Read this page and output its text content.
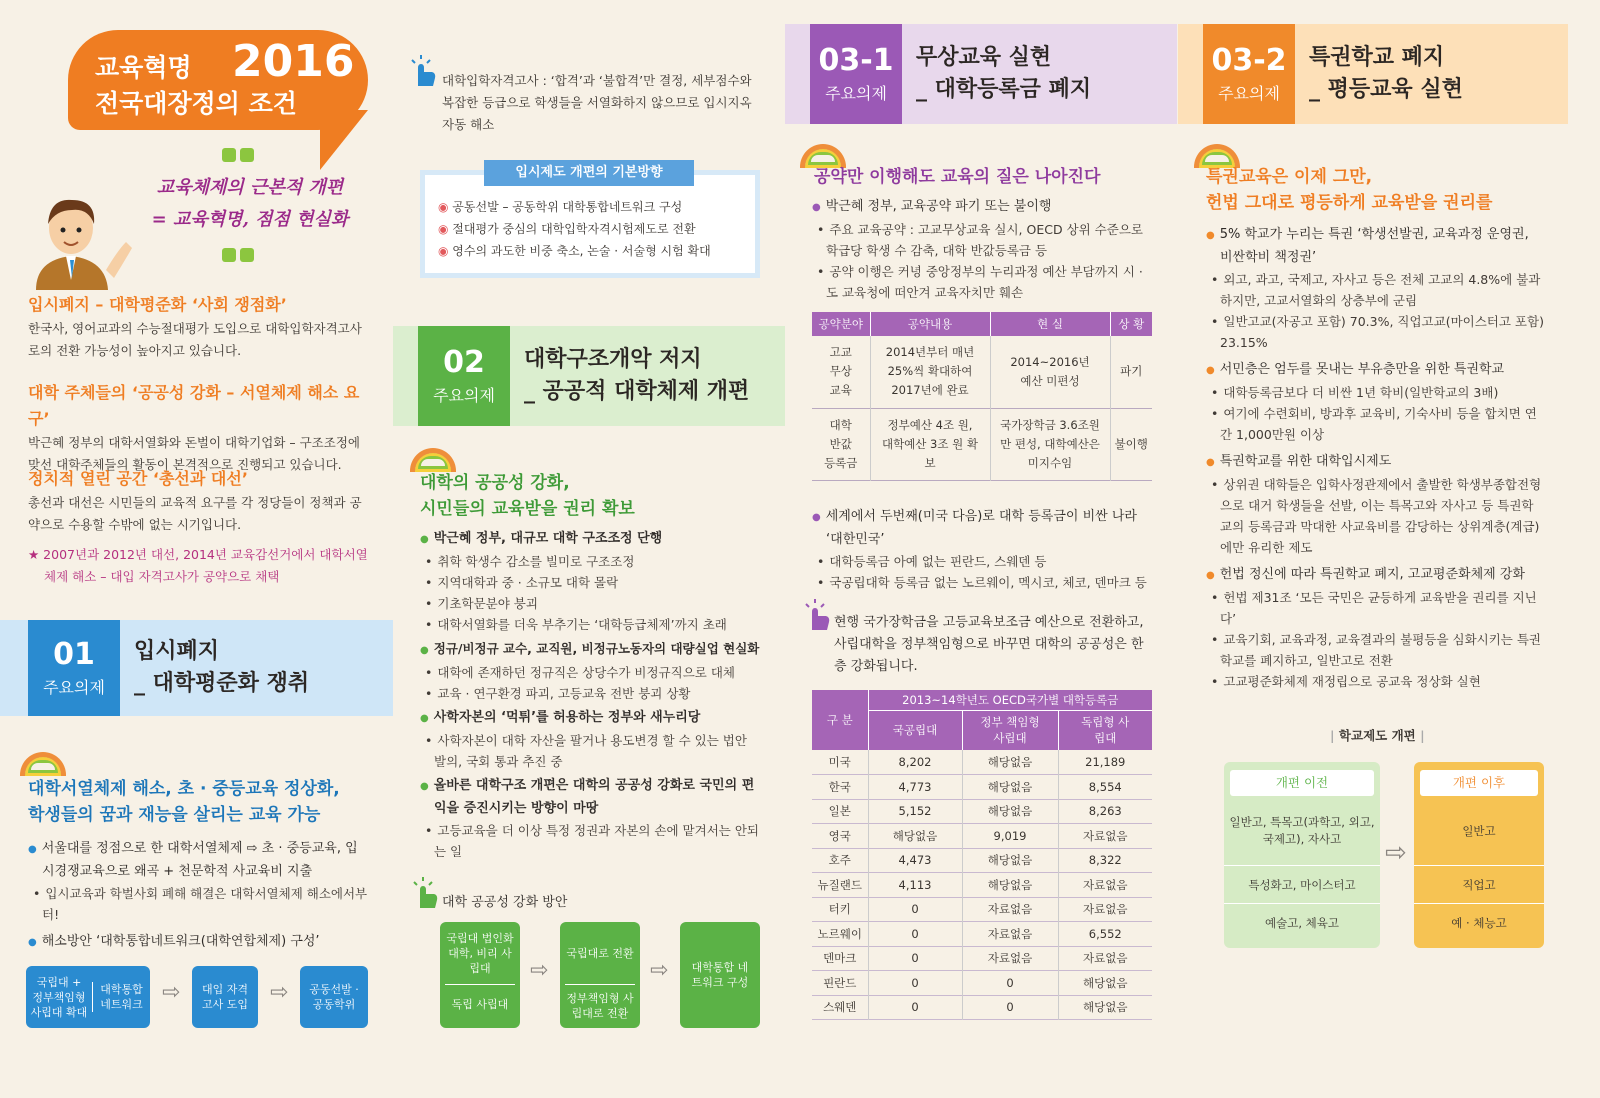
교육혁명 2016
전국대장정의 조건
교육체제의 근본적 개편
= 교육혁명, 점점 현실화
입시폐지 – 대학평준화 ‘사회 쟁점화’
한국사, 영어교과의 수능절대평가 도입으로 대학입학자격고사로의 전환 가능성이 높아지고 있습니다.
대학 주체들의 ‘공공성 강화 – 서열체제 해소 요구’
박근혜 정부의 대학서열화와 돈벌이 대학기업화 – 구조조정에 맞선 대학주체들의 활동이 본격적으로 진행되고 있습니다.
정치적 열린 공간 ‘총선과 대선’
총선과 대선은 시민들의 교육적 요구를 각 정당들이 정책과 공약으로 수용할 수밖에 없는 시기입니다.
★ 2007년과 2012년 대선, 2014년 교육감선거에서 대학서열체제 해소 – 대입 자격고사가 공약으로 채택
01
주요의제
입시폐지
_ 대학평준화 쟁취
대학서열체제 해소, 초 · 중등교육 정상화,
학생들의 꿈과 재능을 살리는 교육 가능
● 서울대를 정점으로 한 대학서열체제 ⇨ 초 · 중등교육, 입시경쟁교육으로 왜곡 + 천문학적 사교육비 지출
• 입시교육과 학벌사회 폐해 해결은 대학서열체제 해소에서부터!
● 해소방안 ‘대학통합네트워크(대학연합체제) 구성’
국립대 + 정부책임형 사립대 확대
대학통합 네트워크 ⇨	대입 자격고사 도입	⇨	공동선발 · 공동학위
대학입학자격고사 : ‘합격’과 ‘불합격’만 결정, 세부점수와 복잡한 등급으로 학생들을 서열화하지 않으므로 입시지옥 자동 해소
입시제도 개편의 기본방향
◉ 공동선발 – 공동학위 대학통합네트워크 구성
◉ 절대평가 중심의 대학입학자격시험제도로 전환
◉ 영수의 과도한 비중 축소, 논술 · 서술형 시험 확대
02
주요의제
대학구조개악 저지
_ 공공적 대학체제 개편
대학의 공공성 강화,
시민들의 교육받을 권리 확보
● 박근혜 정부, 대규모 대학 구조조정 단행
• 취학 학생수 감소를 빌미로 구조조정
• 지역대학과 중 · 소규모 대학 몰락
• 기초학문분야 붕괴
• 대학서열화를 더욱 부추기는 ‘대학등급체제’까지 초래
● 정규/비정규 교수, 교직원, 비정규노동자의 대량실업 현실화
• 대학에 존재하던 정규직은 상당수가 비정규직으로 대체
• 교육 · 연구환경 파괴, 고등교육 전반 붕괴 상황
● 사학자본의 ‘먹튀’를 허용하는 정부와 새누리당
• 사학자본이 대학 자산을 팔거나 용도변경 할 수 있는 법안 발의, 국회 통과 추진 중
● 올바른 대학구조 개편은 대학의 공공성 강화로 국민의 편익을 증진시키는 방향이 마땅
• 고등교육을 더 이상 특정 정권과 자본의 손에 맡겨서는 안되는 일
대학 공공성 강화 방안
국립대 법인화 대학, 비리 사립대
독립 사립대
⇨
국립대로 전환
정부책임형 사립대로 전환
⇨	대학통합 네트워크 구성
03-1
주요의제
무상교육 실현
_ 대학등록금 폐지
공약만 이행해도 교육의 질은 나아진다
● 박근혜 정부, 교육공약 파기 또는 불이행
• 주요 교육공약 : 고교무상교육 실시, OECD 상위 수준으로 학급당 학생 수 감축, 대학 반값등록금 등
• 공약 이행은 커녕 중앙정부의 누리과정 예산 부담까지 시 · 도 교육청에 떠안겨 교육자치만 훼손
공약분야	공약내용	현 실	상 황
고교 무상 교육	2014년부터 매년 25%씩 확대하여 2017년에 완료	2014~2016년 예산 미편성	파기
대학 반값 등록금	정부예산 4조 원, 대학예산 3조 원 확보	국가장학금 3.6조원만 편성, 대학예산은 미지수임	불이행
● 세계에서 두번째(미국 다음)로 대학 등록금이 비싼 나라 ‘대한민국’
• 대학등록금 아예 없는 핀란드, 스웨덴 등
• 국공립대학 등록금 없는 노르웨이, 멕시코, 체코, 덴마크 등
현행 국가장학금을 고등교육보조금 예산으로 전환하고, 사립대학을 정부책임형으로 바꾸면 대학의 공공성은 한층 강화됩니다.
구 분	2013~14학년도 OECD국가별 대학등록금		
	국공립대	정부 책임형사립대	독립형 사립대
미국	8,202	해당없음	21,189
한국	4,773	해당없음	8,554
일본	5,152	해당없음	8,263
영국	해당없음	9,019	자료없음
호주	4,473	해당없음	8,322
뉴질랜드	4,113	해당없음	자료없음
터키	0	자료없음	자료없음
노르웨이	0	자료없음	6,552
덴마크	0	자료없음	자료없음
핀란드	0	0	해당없음
스웨덴	0	0	해당없음
03-2
주요의제
특권학교 폐지
_ 평등교육 실현
특권교육은 이제 그만,
헌법 그대로 평등하게 교육받을 권리를
● 5% 학교가 누리는 특권 ‘학생선발권, 교육과정 운영권, 비싼학비 책정권’
• 외고, 과고, 국제고, 자사고 등은 전체 고교의 4.8%에 불과하지만, 고교서열화의 상층부에 군림
• 일반고교(자공고 포함) 70.3%, 직업고교(마이스터고 포함) 23.15%
● 서민층은 엄두를 못내는 부유층만을 위한 특권학교
• 대학등록금보다 더 비싼 1년 학비(일반학교의 3배)
• 여기에 수련회비, 방과후 교육비, 기숙사비 등을 합치면 연간 1,000만원 이상
● 특권학교를 위한 대학입시제도
• 상위권 대학들은 입학사정관제에서 출발한 학생부종합전형으로 대거 학생들을 선발, 이는 특목고와 자사고 등 특권학교의 등록금과 막대한 사교육비를 감당하는 상위계층(계급)에만 유리한 제도
● 헌법 정신에 따라 특권학교 폐지, 고교평준화체제 강화
• 헌법 제31조 ‘모든 국민은 균등하게 교육받을 권리를 지닌다’
• 교육기회, 교육과정, 교육결과의 불평등을 심화시키는 특권학교를 폐지하고, 일반고로 전환
• 고교평준화체제 재정립으로 공교육 정상화 실현
| 학교제도 개편 |
개편 이전
일반고, 특목고(과학고, 외고, 국제고), 자사고
특성화고, 마이스터고
예술고, 체육고
⇨
개편 이후
일반고
직업고
예 · 체능고
